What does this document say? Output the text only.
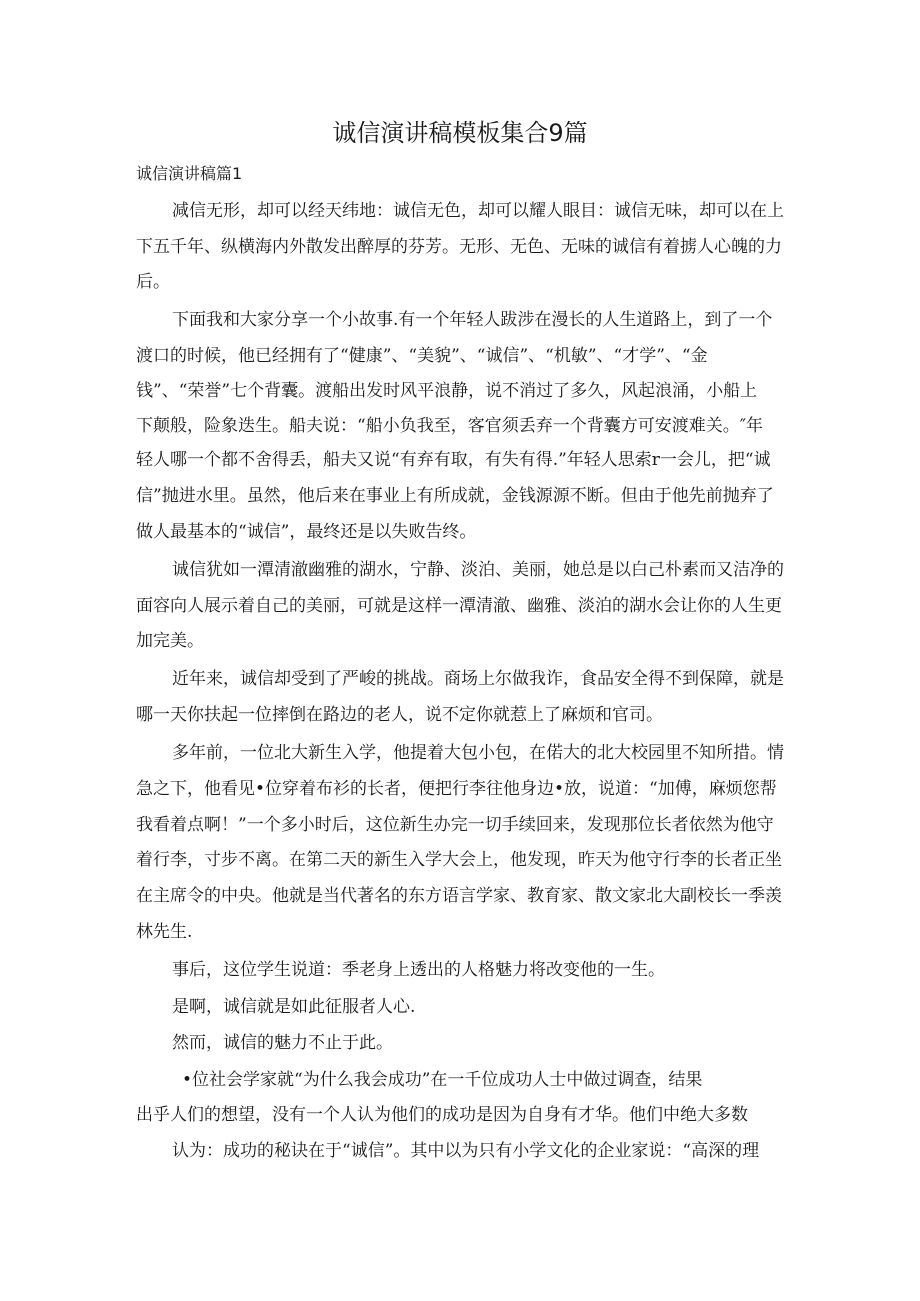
诚信演讲稿模板集合9篇
诚信演讲稿篇1
减信无形，却可以经天纬地：诚信无色，却可以耀人眼目：诚信无味，却可以在上
下五千年、纵横海内外散发出醉厚的芬芳。无形、无色、无味的诚信有着掳人心魄的力
后。
下面我和大家分享一个小故事.有一个年轻人跋涉在漫长的人生道路上，到了一个
渡口的时候，他已经拥有了“健康”、“美貌”、“诚信”、“机敏”、“才学”、“金
钱”、“荣誉”七个背囊。渡船出发时风平浪静，说不消过了多久，风起浪涌，小船上
下颠般，险象迭生。船夫说：“船小负我至，客官须丢弃一个背囊方可安渡难关。″年
轻人哪一个都不舍得丢，船夫又说“有弃有取，有失有得.”年轻人思索r一会儿，把“诚
信”抛进水里。虽然，他后来在事业上有所成就，金钱源源不断。但由于他先前抛弃了
做人最基本的“诚信”，最终还是以失败告终。
诚信犹如一潭清澈幽雅的湖水，宁静、淡泊、美丽，她总是以白己朴素而又洁净的
面容向人展示着自己的美丽，可就是这样一潭清澈、幽雅、淡泊的湖水会让你的人生更
加完美。
近年来，诚信却受到了严峻的挑战。商场上尔做我诈，食品安全得不到保障，就是
哪一天你扶起一位摔倒在路边的老人，说不定你就惹上了麻烦和官司。
多年前，一位北大新生入学，他提着大包小包，在偌大的北大校园里不知所措。情
急之下，他看见•位穿着布衫的长者，便把行李往他身边•放，说道：“加傅，麻烦您帮
我看着点啊！”一个多小时后，这位新生办完一切手续回来，发现那位长者依然为他守
着行李，寸步不离。在第二天的新生入学大会上，他发现，昨天为他守行李的长者正坐
在主席令的中央。他就是当代著名的东方语言学家、教育家、散文家北大副校长一季羡
林先生.
事后，这位学生说道：季老身上透出的人格魅力将改变他的一生。
是啊，诚信就是如此征服者人心.
然而，诚信的魅力不止于此。
•位社会学家就“为什么我会成功”在一千位成功人士中做过调查，结果
出乎人们的想望，没有一个人认为他们的成功是因为自身有才华。他们中绝大多数
认为：成功的秘诀在于“诚信”。其中以为只有小学文化的企业家说：“高深的理
